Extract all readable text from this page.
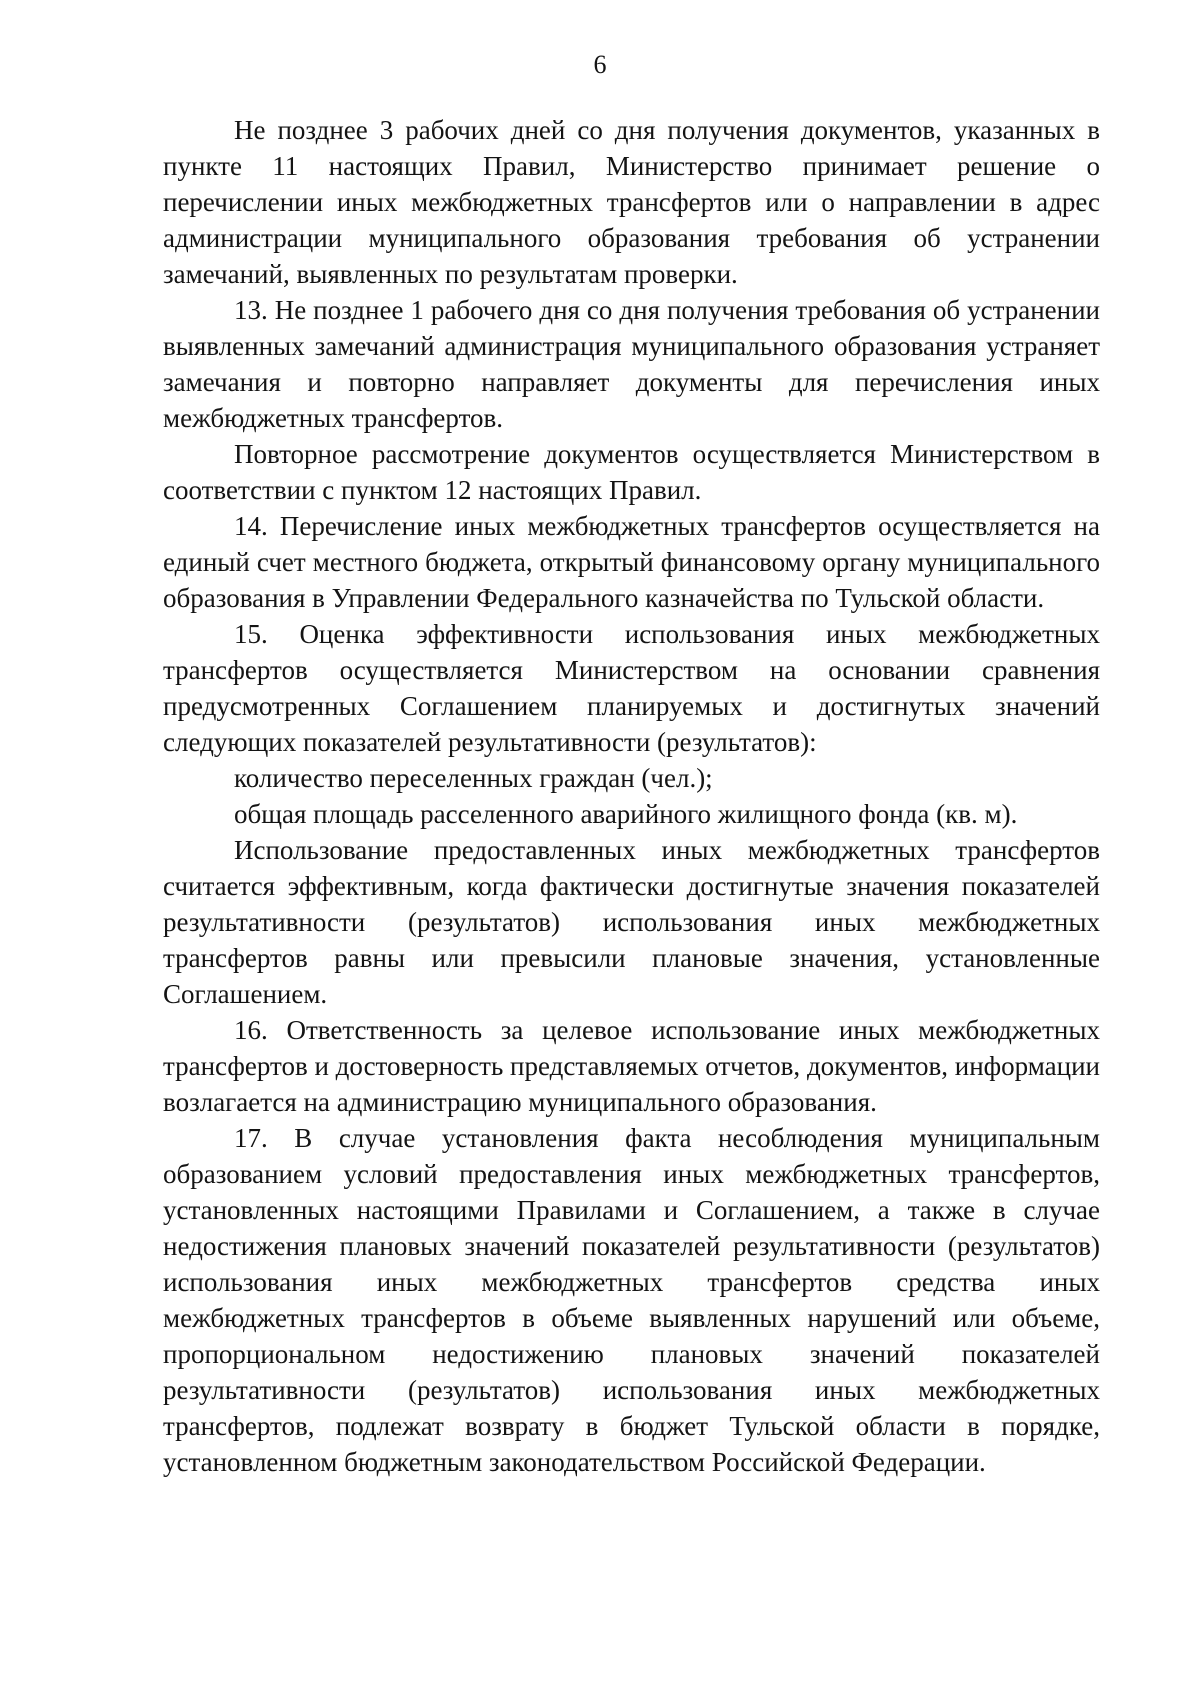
6

Не позднее 3 рабочих дней со дня получения документов, указанных в пункте 11 настоящих Правил, Министерство принимает решение о перечислении иных межбюджетных трансфертов или о направлении в адрес администрации муниципального образования требования об устранении замечаний, выявленных по результатам проверки.

13. Не позднее 1 рабочего дня со дня получения требования об устранении выявленных замечаний администрация муниципального образования устраняет замечания и повторно направляет документы для перечисления иных межбюджетных трансфертов.

Повторное рассмотрение документов осуществляется Министерством в соответствии с пунктом 12 настоящих Правил.

14. Перечисление иных межбюджетных трансфертов осуществляется на единый счет местного бюджета, открытый финансовому органу муниципального образования в Управлении Федерального казначейства по Тульской области.

15. Оценка эффективности использования иных межбюджетных трансфертов осуществляется Министерством на основании сравнения предусмотренных Соглашением планируемых и достигнутых значений следующих показателей результативности (результатов):

количество переселенных граждан (чел.);

общая площадь расселенного аварийного жилищного фонда (кв. м).

Использование предоставленных иных межбюджетных трансфертов считается эффективным, когда фактически достигнутые значения показателей результативности (результатов) использования иных межбюджетных трансфертов равны или превысили плановые значения, установленные Соглашением.

16. Ответственность за целевое использование иных межбюджетных трансфертов и достоверность представляемых отчетов, документов, информации возлагается на администрацию муниципального образования.

17. В случае установления факта несоблюдения муниципальным образованием условий предоставления иных межбюджетных трансфертов, установленных настоящими Правилами и Соглашением, а также в случае недостижения плановых значений показателей результативности (результатов) использования иных межбюджетных трансфертов средства иных межбюджетных трансфертов в объеме выявленных нарушений или объеме, пропорциональном недостижению плановых значений показателей результативности (результатов) использования иных межбюджетных трансфертов, подлежат возврату в бюджет Тульской области в порядке, установленном бюджетным законодательством Российской Федерации.
